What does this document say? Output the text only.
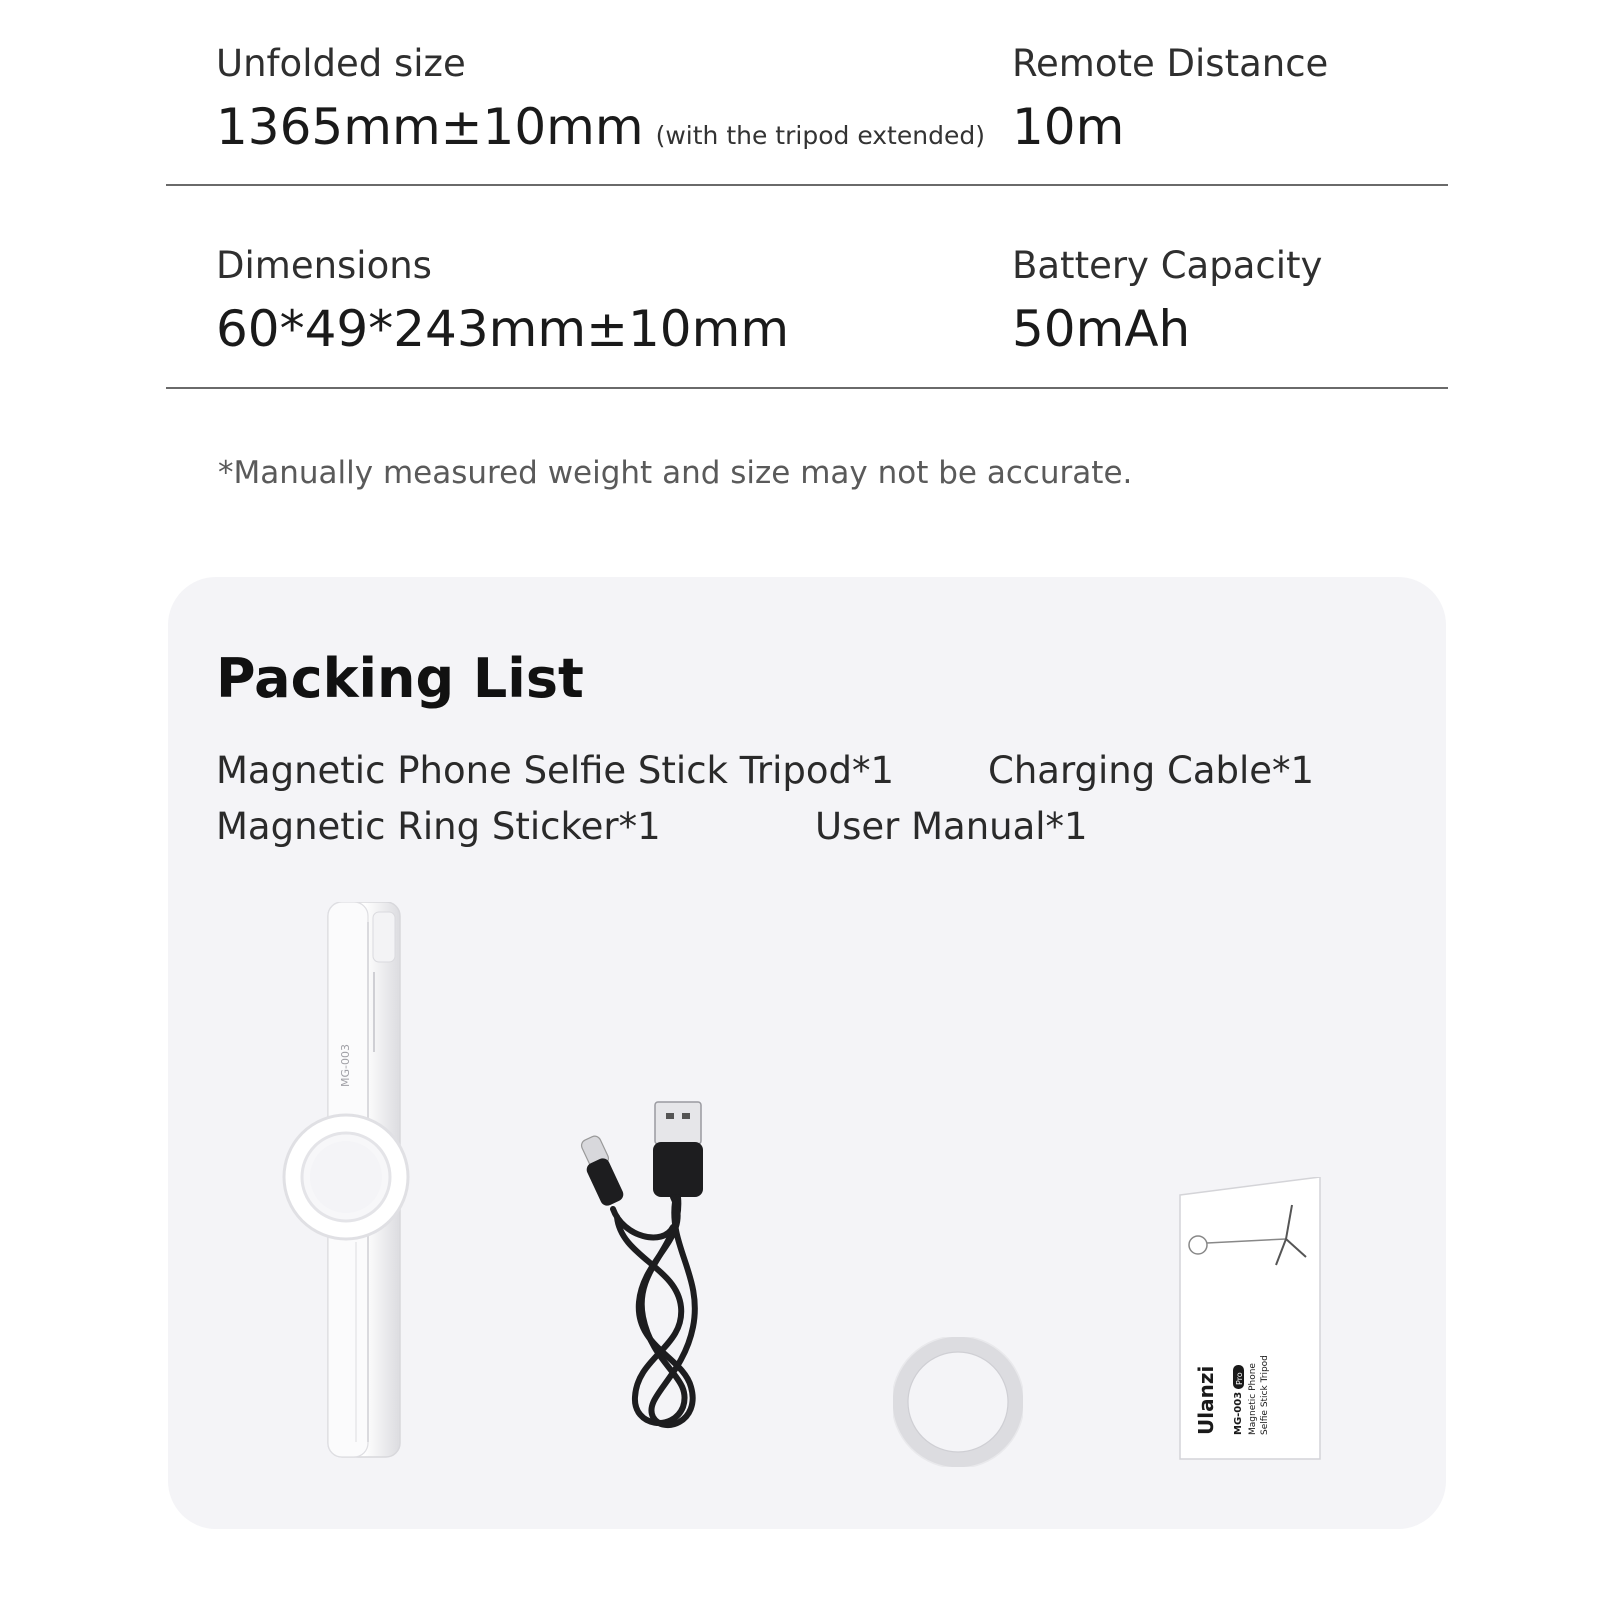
Unfolded size
1365mm±10mm (with the tripod extended)
Remote Distance
10m
Dimensions
60*49*243mm±10mm
Battery Capacity
50mAh
*Manually measured weight and size may not be accurate.
Packing List
Magnetic Phone Selfie Stick Tripod*1	Charging Cable*1
Magnetic Ring Sticker*1	User Manual*1
MG-003
Ulanzi MG-003
Pro Magnetic Phone Selfie Stick Tripod
